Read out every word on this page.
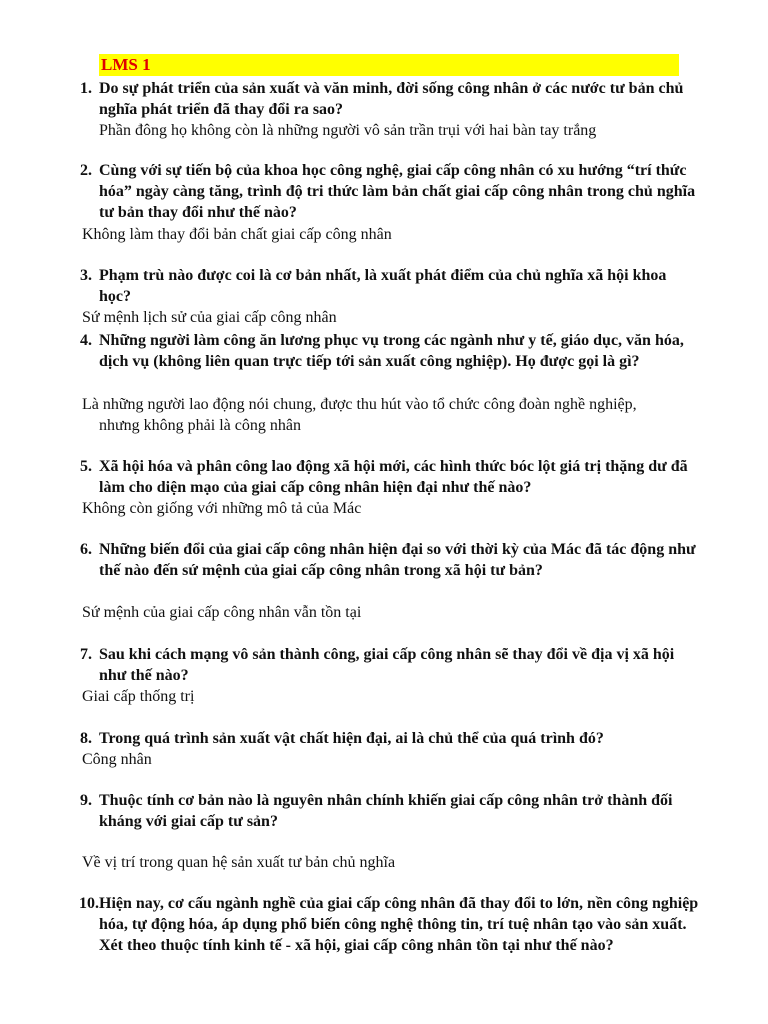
LMS 1

1. Do sự phát triển của sản xuất và văn minh, đời sống công nhân ở các nước tư bản chủ nghĩa phát triển đã thay đổi ra sao?

Phần đông họ không còn là những người vô sản trần trụi với hai bàn tay trắng

2. Cùng với sự tiến bộ của khoa học công nghệ, giai cấp công nhân có xu hướng “trí thức hóa” ngày càng tăng, trình độ tri thức làm bản chất giai cấp công nhân trong chủ nghĩa tư bản thay đổi như thế nào?

Không làm thay đổi bản chất giai cấp công nhân

3. Phạm trù nào được coi là cơ bản nhất, là xuất phát điểm của chủ nghĩa xã hội khoa học?

Sứ mệnh lịch sử của giai cấp công nhân

4. Những người làm công ăn lương phục vụ trong các ngành như y tế, giáo dục, văn hóa, dịch vụ (không liên quan trực tiếp tới sản xuất công nghiệp). Họ được gọi là gì?

Là những người lao động nói chung, được thu hút vào tổ chức công đoàn nghề nghiệp, nhưng không phải là công nhân

5. Xã hội hóa và phân công lao động xã hội mới, các hình thức bóc lột giá trị thặng dư đã làm cho diện mạo của giai cấp công nhân hiện đại như thế nào?

Không còn giống với những mô tả của Mác

6. Những biến đổi của giai cấp công nhân hiện đại so với thời kỳ của Mác đã tác động như thế nào đến sứ mệnh của giai cấp công nhân trong xã hội tư bản?

Sứ mệnh của giai cấp công nhân vẫn tồn tại

7. Sau khi cách mạng vô sản thành công, giai cấp công nhân sẽ thay đổi về địa vị xã hội như thế nào?

Giai cấp thống trị

8. Trong quá trình sản xuất vật chất hiện đại, ai là chủ thể của quá trình đó?

Công nhân

9. Thuộc tính cơ bản nào là nguyên nhân chính khiến giai cấp công nhân trở thành đối kháng với giai cấp tư sản?

Về vị trí trong quan hệ sản xuất tư bản chủ nghĩa

10. Hiện nay, cơ cấu ngành nghề của giai cấp công nhân đã thay đổi to lớn, nền công nghiệp hóa, tự động hóa, áp dụng phổ biến công nghệ thông tin, trí tuệ nhân tạo vào sản xuất. Xét theo thuộc tính kinh tế - xã hội, giai cấp công nhân tồn tại như thế nào?
